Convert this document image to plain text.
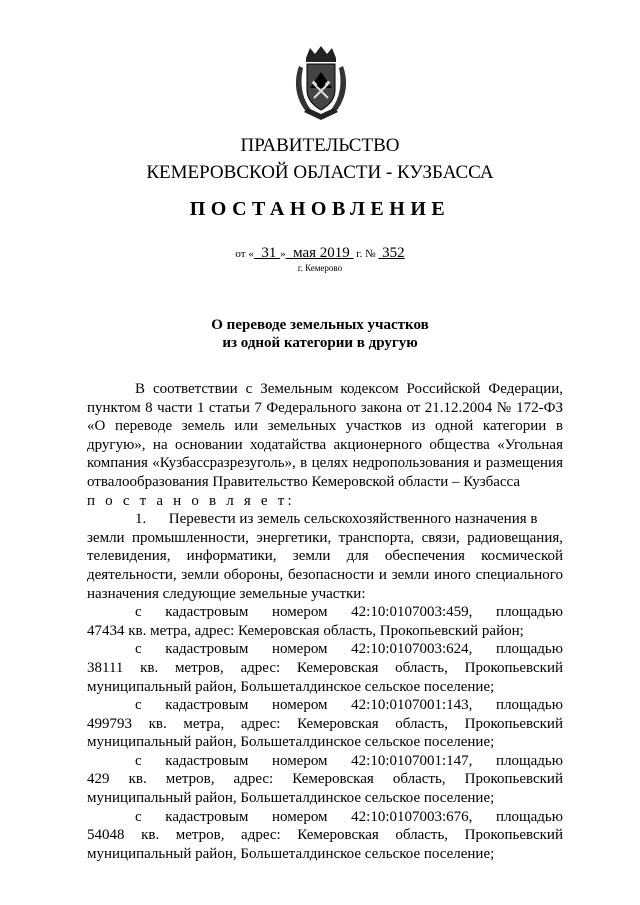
ПРАВИТЕЛЬСТВО
КЕМЕРОВСКОЙ ОБЛАСТИ - КУЗБАССА
ПОСТАНОВЛЕНИЕ
от « 31 » мая 2019 г. № 352
г. Кемерово
О переводе земельных участков
из одной категории в другую

В соответствии с Земельным кодексом Российской Федерации, пунктом 8 части 1 статьи 7 Федерального закона от 21.12.2004 № 172-ФЗ «О переводе земель или земельных участков из одной категории в другую», на основании ходатайства акционерного общества «Угольная компания «Кузбассразрезуголь», в целях недропользования и размещения отвалообразования Правительство Кемеровской области – Кузбасса

п о с т а н о в л я е т:

1. Перевести из земель сельскохозяйственного назначения в

земли промышленности, энергетики, транспорта, связи, радиовещания, телевидения, информатики, земли для обеспечения космической деятельности, земли обороны, безопасности и земли иного специального назначения следующие земельные участки:

с кадастровым номером 42:10:0107003:459, площадью

47434 кв. метра, адрес: Кемеровская область, Прокопьевский район;

с кадастровым номером 42:10:0107003:624, площадью

38111 кв. метров, адрес: Кемеровская область, Прокопьевский муниципальный район, Большеталдинское сельское поселение;

с кадастровым номером 42:10:0107001:143, площадью

499793 кв. метра, адрес: Кемеровская область, Прокопьевский муниципальный район, Большеталдинское сельское поселение;

с кадастровым номером 42:10:0107001:147, площадью

429 кв. метров, адрес: Кемеровская область, Прокопьевский муниципальный район, Большеталдинское сельское поселение;

с кадастровым номером 42:10:0107003:676, площадью

54048 кв. метров, адрес: Кемеровская область, Прокопьевский муниципальный район, Большеталдинское сельское поселение;
